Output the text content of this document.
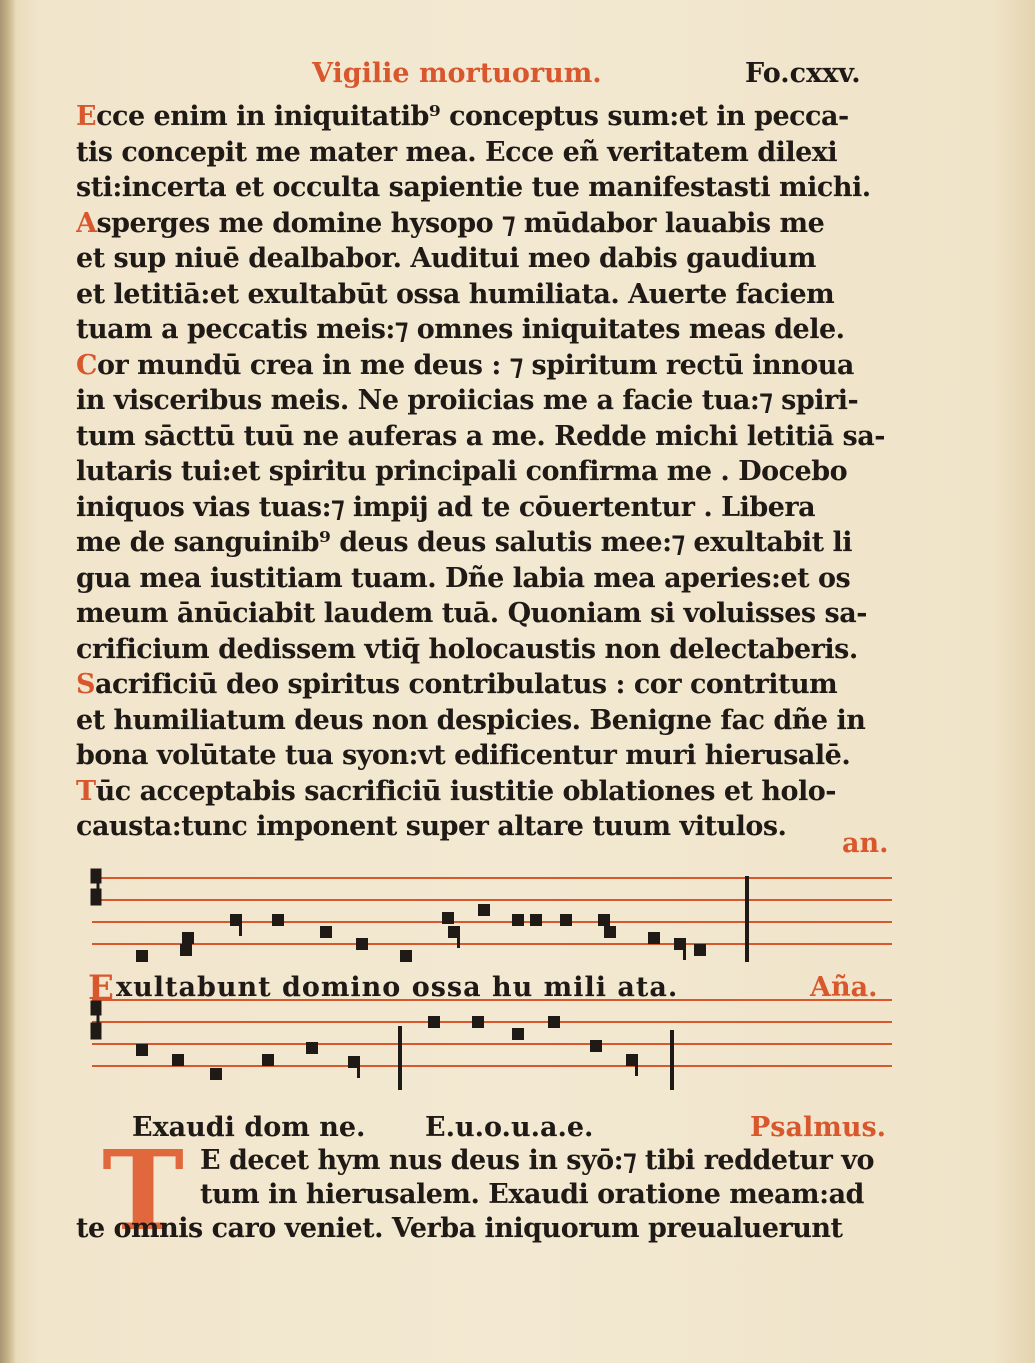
Vigilie mortuorum.	Fo.cxxv.
Ecce enim in iniquitatib⁹ conceptus sum:et in pecca-
tis concepit me mater mea. Ecce eñ veritatem dilexi
sti:incerta et occulta sapientie tue manifestasti michi.
Asperges me domine hysopo ⁊ mūdabor lauabis me
et sup niuē dealbabor. Auditui meo dabis gaudium
et letitiā:et exultabūt ossa humiliata. Auerte faciem
tuam a peccatis meis:⁊ omnes iniquitates meas dele.
Cor mundū crea in me deus : ⁊ spiritum rectū innoua
in visceribus meis. Ne proiicias me a facie tua:⁊ spiri-
tum sācttū tuū ne auferas a me. Redde michi letitiā sa-
lutaris tui:et spiritu principali confirma me . Docebo
iniquos vias tuas:⁊ impij ad te cōuertentur . Libera
me de sanguinib⁹ deus deus salutis mee:⁊ exultabit li
gua mea iustitiam tuam. Dñe labia mea aperies:et os
meum ānūciabit laudem tuā. Quoniam si voluisses sa-
crificium dedissem vtiq̄ holocaustis non delectaberis.
Sacrificiū deo spiritus contribulatus : cor contritum
et humiliatum deus non despicies. Benigne fac dñe in
bona volūtate tua syon:vt edificentur muri hierusalē.
Tūc acceptabis sacrificiū iustitie oblationes et holo-
causta:tunc imponent super altare tuum vitulos.
an.
E xultabunt domino ossa hu mili ata.	Aña.
Exaudi dom ne. E.u.o.u.a.e.	Psalmus.
T E decet hym nus deus in syō:⁊ tibi reddetur vo
tum in hierusalem. Exaudi oratione meam:ad
te omnis caro veniet. Verba iniquorum preualuerunt
